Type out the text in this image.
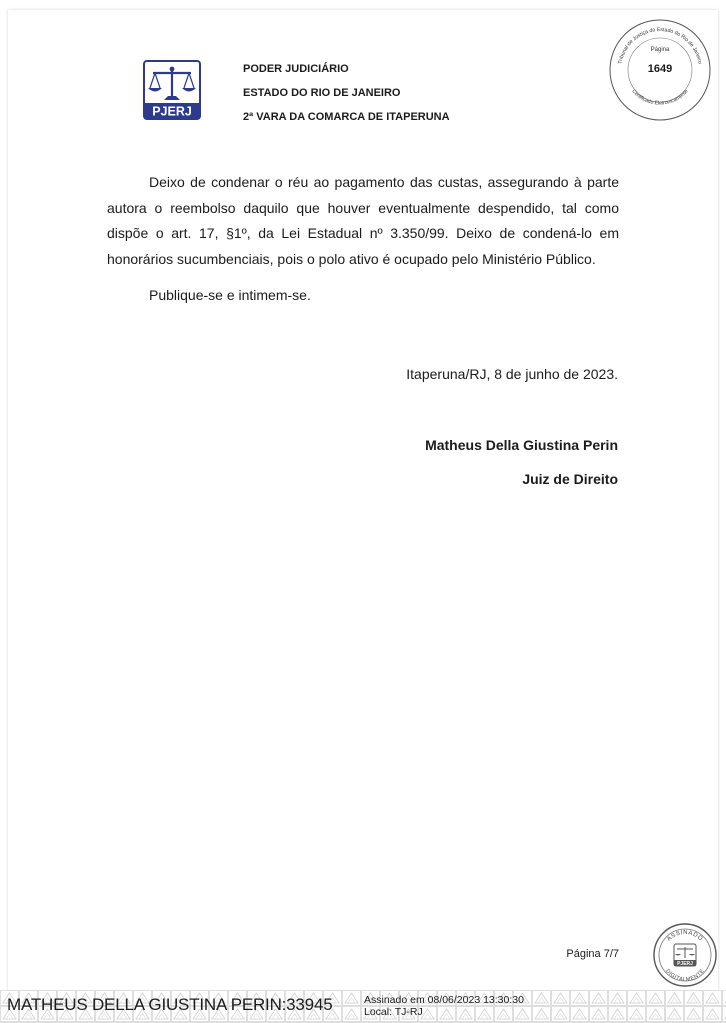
PJERJ
PODER JUDICIÁRIO
ESTADO DO RIO DE JANEIRO
2ª VARA DA COMARCA DE ITAPERUNA
Tribunal de Justiça do Estado do Rio de Janeiro
Certificado Eletronicamente
Página
1649

Deixo de condenar o réu ao pagamento das custas, assegurando à parte autora o reembolso daquilo que houver eventualmente despendido, tal como dispõe o art. 17, §1º, da Lei Estadual nº 3.350/99. Deixo de condená-lo em honorários sucumbenciais, pois o polo ativo é ocupado pelo Ministério Público.

Publique-se e intimem-se.

Itaperuna/RJ, 8 de junho de 2023.
Matheus Della Giustina Perin
Juiz de Direito
Página 7/7
ASSINADO
DIGITALMENTE
PJERJ
MATHEUS DELLA GIUSTINA PERIN:33945	Assinado em 08/06/2023 13:30:30
Local: TJ-RJ
